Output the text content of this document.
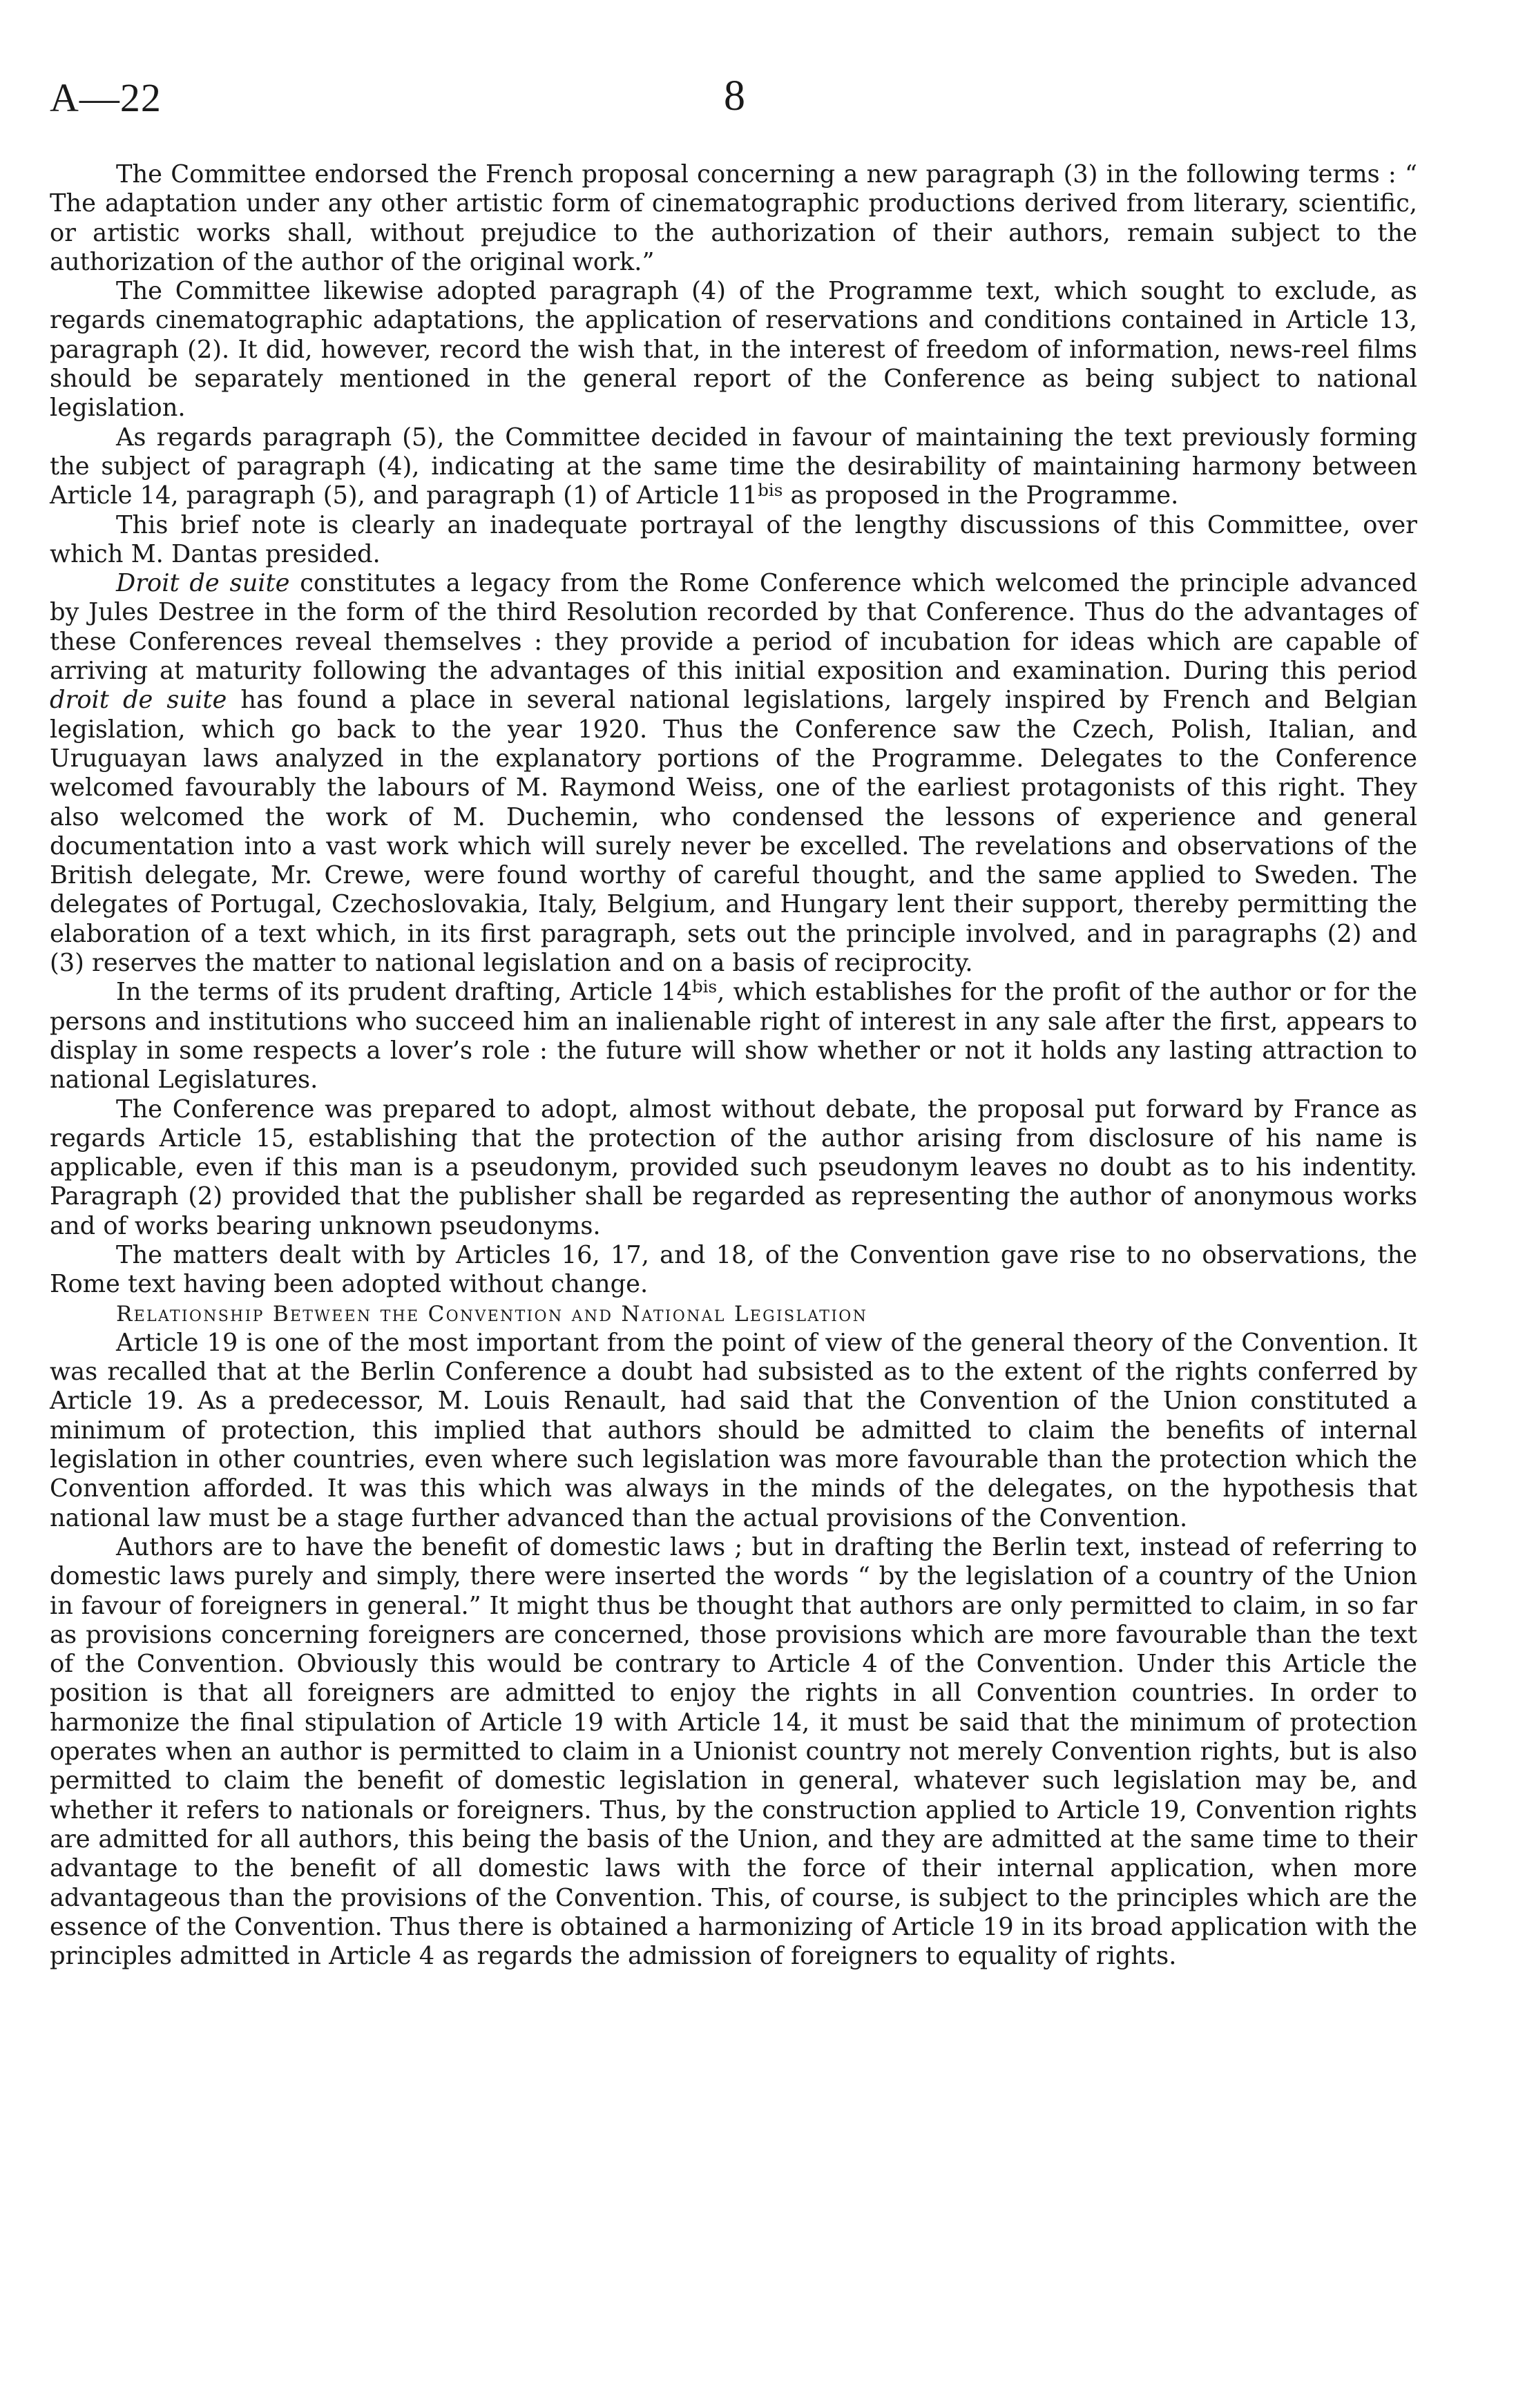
A—22	8

The Committee endorsed the French proposal concerning a new paragraph (3) in the following terms : “ The adaptation under any other artistic form of cinematographic productions derived from literary, scientific, or artistic works shall, without prejudice to the authorization of their authors, remain subject to the authorization of the author of the original work.”

The Committee likewise adopted paragraph (4) of the Programme text, which sought to exclude, as regards cinematographic adaptations, the application of reservations and conditions contained in Article 13, paragraph (2). It did, however, record the wish that, in the interest of freedom of information, news-reel films should be separately mentioned in the general report of the Conference as being subject to national legislation.

As regards paragraph (5), the Committee decided in favour of maintaining the text previously forming the subject of paragraph (4), indicating at the same time the desirability of maintaining harmony between Article 14, paragraph (5), and paragraph (1) of Article $11^{bis}$ as proposed in the Programme.

This brief note is clearly an inadequate portrayal of the lengthy discussions of this Committee, over which M. Dantas presided.

Droit de suite constitutes a legacy from the Rome Conference which welcomed the principle advanced by Jules Destree in the form of the third Resolution recorded by that Conference. Thus do the advantages of these Conferences reveal themselves : they provide a period of incubation for ideas which are capable of arriving at maturity following the advantages of this initial exposition and examination. During this period droit de suite has found a place in several national legislations, largely inspired by French and Belgian legislation, which go back to the year 1920. Thus the Conference saw the Czech, Polish, Italian, and Uruguayan laws analyzed in the explanatory portions of the Programme. Delegates to the Conference welcomed favourably the labours of M. Raymond Weiss, one of the earliest protagonists of this right. They also welcomed the work of M. Duchemin, who condensed the lessons of experience and general documentation into a vast work which will surely never be excelled. The revelations and observations of the British delegate, Mr. Crewe, were found worthy of careful thought, and the same applied to Sweden. The delegates of Portugal, Czechoslovakia, Italy, Belgium, and Hungary lent their support, thereby permitting the elaboration of a text which, in its first paragraph, sets out the principle involved, and in paragraphs (2) and (3) reserves the matter to national legislation and on a basis of reciprocity.

In the terms of its prudent drafting, Article $14^{bis}$, which establishes for the profit of the author or for the persons and institutions who succeed him an inalienable right of interest in any sale after the first, appears to display in some respects a lover’s role : the future will show whether or not it holds any lasting attraction to national Legislatures.

The Conference was prepared to adopt, almost without debate, the proposal put forward by France as regards Article 15, establishing that the protection of the author arising from disclosure of his name is applicable, even if this man is a pseudonym, provided such pseudonym leaves no doubt as to his indentity. Paragraph (2) provided that the publisher shall be regarded as representing the author of anonymous works and of works bearing unknown pseudonyms.

The matters dealt with by Articles 16, 17, and 18, of the Convention gave rise to no observations, the Rome text having been adopted without change.

Relationship Between the Convention and National Legislation

Article 19 is one of the most important from the point of view of the general theory of the Convention. It was recalled that at the Berlin Conference a doubt had subsisted as to the extent of the rights conferred by Article 19. As a predecessor, M. Louis Renault, had said that the Convention of the Union constituted a minimum of protection, this implied that authors should be admitted to claim the benefits of internal legislation in other countries, even where such legislation was more favourable than the protection which the Convention afforded. It was this which was always in the minds of the delegates, on the hypothesis that national law must be a stage further advanced than the actual provisions of the Convention.

Authors are to have the benefit of domestic laws ; but in drafting the Berlin text, instead of referring to domestic laws purely and simply, there were inserted the words “ by the legislation of a country of the Union in favour of foreigners in general.” It might thus be thought that authors are only permitted to claim, in so far as provisions concerning foreigners are concerned, those provisions which are more favourable than the text of the Convention. Obviously this would be contrary to Article 4 of the Convention. Under this Article the position is that all foreigners are admitted to enjoy the rights in all Convention countries. In order to harmonize the final stipulation of Article 19 with Article 14, it must be said that the minimum of protection operates when an author is permitted to claim in a Unionist country not merely Convention rights, but is also permitted to claim the benefit of domestic legislation in general, whatever such legislation may be, and whether it refers to nationals or foreigners. Thus, by the construction applied to Article 19, Convention rights are admitted for all authors, this being the basis of the Union, and they are admitted at the same time to their advantage to the benefit of all domestic laws with the force of their internal application, when more advantageous than the provisions of the Convention. This, of course, is subject to the principles which are the essence of the Convention. Thus there is obtained a harmonizing of Article 19 in its broad application with the principles admitted in Article 4 as regards the admission of foreigners to equality of rights.
